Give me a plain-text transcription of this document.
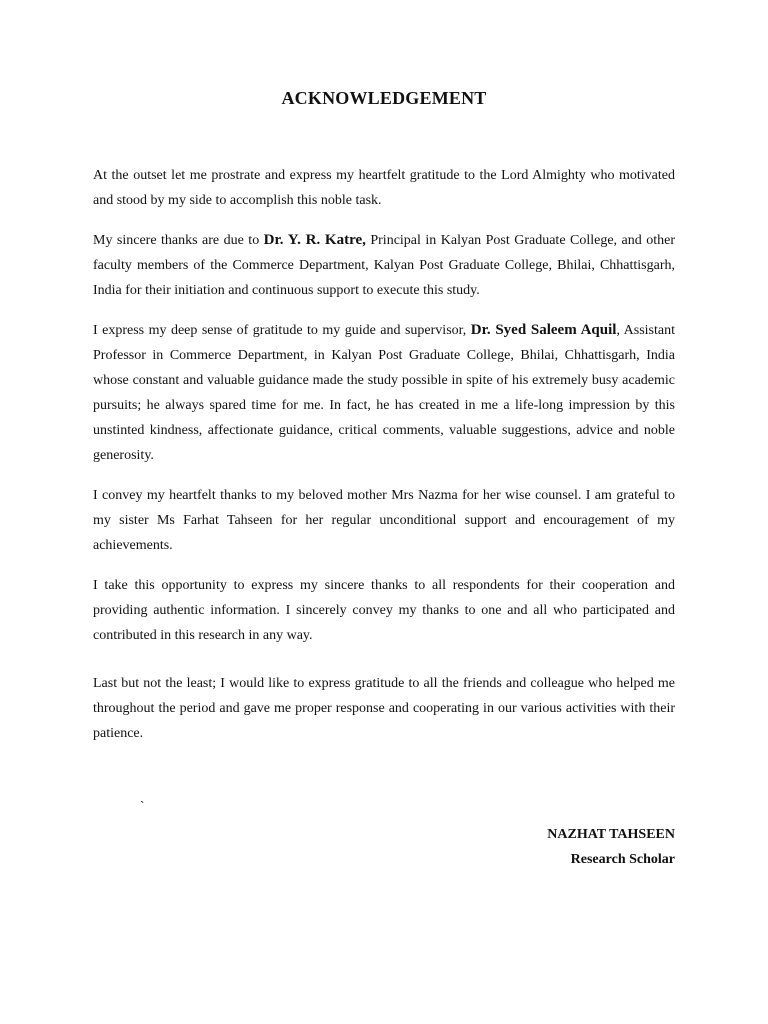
ACKNOWLEDGEMENT

At the outset let me prostrate and express my heartfelt gratitude to the Lord Almighty who motivated and stood by my side to accomplish this noble task.

My sincere thanks are due to Dr. Y. R. Katre, Principal in Kalyan Post Graduate College, and other faculty members of the Commerce Department, Kalyan Post Graduate College, Bhilai, Chhattisgarh, India for their initiation and continuous support to execute this study.

I express my deep sense of gratitude to my guide and supervisor, Dr. Syed Saleem Aquil, Assistant Professor in Commerce Department, in Kalyan Post Graduate College, Bhilai, Chhattisgarh, India whose constant and valuable guidance made the study possible in spite of his extremely busy academic pursuits; he always spared time for me. In fact, he has created in me a life-long impression by this unstinted kindness, affectionate guidance, critical comments, valuable suggestions, advice and noble generosity.

I convey my heartfelt thanks to my beloved mother Mrs Nazma for her wise counsel. I am grateful to my sister Ms Farhat Tahseen for her regular unconditional support and encouragement of my achievements.

I take this opportunity to express my sincere thanks to all respondents for their cooperation and providing authentic information. I sincerely convey my thanks to one and all who participated and contributed in this research in any way.

Last but not the least; I would like to express gratitude to all the friends and colleague who helped me throughout the period and gave me proper response and cooperating in our various activities with their patience.

`

NAZHAT TAHSEEN
Research Scholar
